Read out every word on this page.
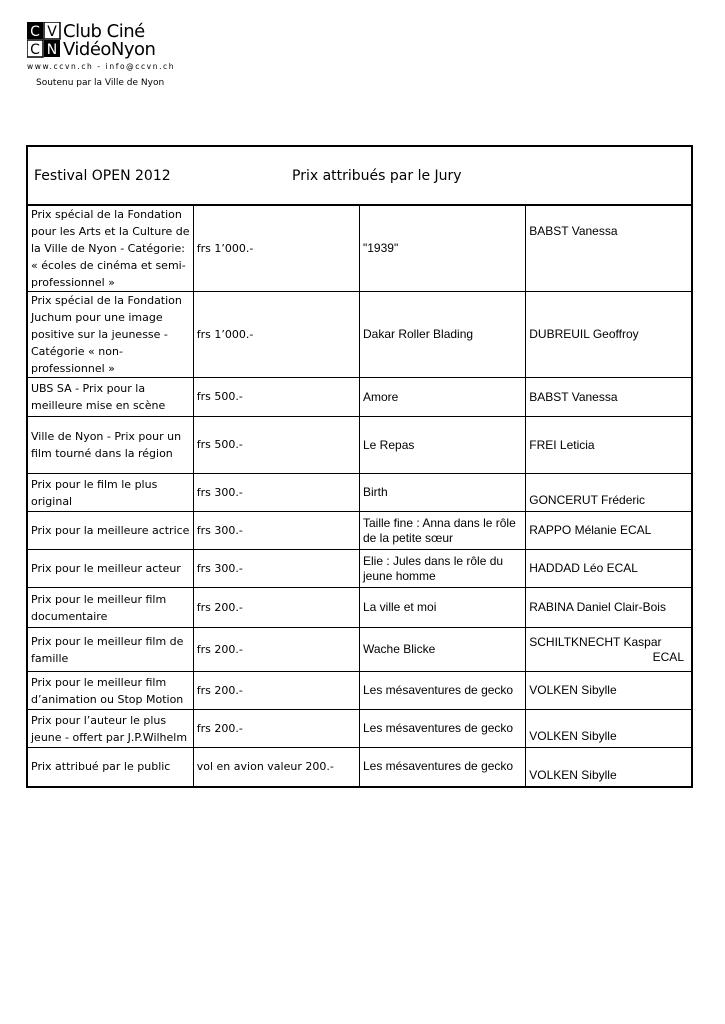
C V
C N
Club Ciné
VidéoNyon
www.ccvn.ch - info@ccvn.ch
Soutenu par la Ville de Nyon
Festival OPEN 2012 Prix attribués par le Jury			
Prix spécial de la Fondation pour les Arts et la Culture de la Ville de Nyon - Catégorie: « écoles de cinéma et semi-professionnel »	frs 1’000.-	"1939"	BABST Vanessa
Prix spécial de la Fondation Juchum pour une image positive sur la jeunesse - Catégorie « non-professionnel »	frs 1’000.-	Dakar Roller Blading	DUBREUIL Geoffroy
UBS SA - Prix pour la meilleure mise en scène	frs 500.-	Amore	BABST Vanessa
Ville de Nyon - Prix pour un film tourné dans la région	frs 500.-	Le Repas	FREI Leticia
Prix pour le film le plus original	frs 300.-	Birth	GONCERUT Fréderic
Prix pour la meilleure actrice	frs 300.-	Taille fine : Anna dans le rôle de la petite sœur	RAPPO Mélanie ECAL
Prix pour le meilleur acteur	frs 300.-	Elie : Jules dans le rôle du jeune homme	HADDAD Léo ECAL
Prix pour le meilleur film documentaire	frs 200.-	La ville et moi	RABINA Daniel Clair-Bois
Prix pour le meilleur film de famille	frs 200.-	Wache Blicke	SCHILTKNECHT Kaspar
ECAL

Prix pour le meilleur film d’animation ou Stop Motion	frs 200.-	Les mésaventures de gecko	VOLKEN Sibylle
Prix pour l’auteur le plus jeune - offert par J.P.Wilhelm	frs 200.-	Les mésaventures de gecko	VOLKEN Sibylle
Prix attribué par le public	vol en avion valeur 200.-	Les mésaventures de gecko	VOLKEN Sibylle
